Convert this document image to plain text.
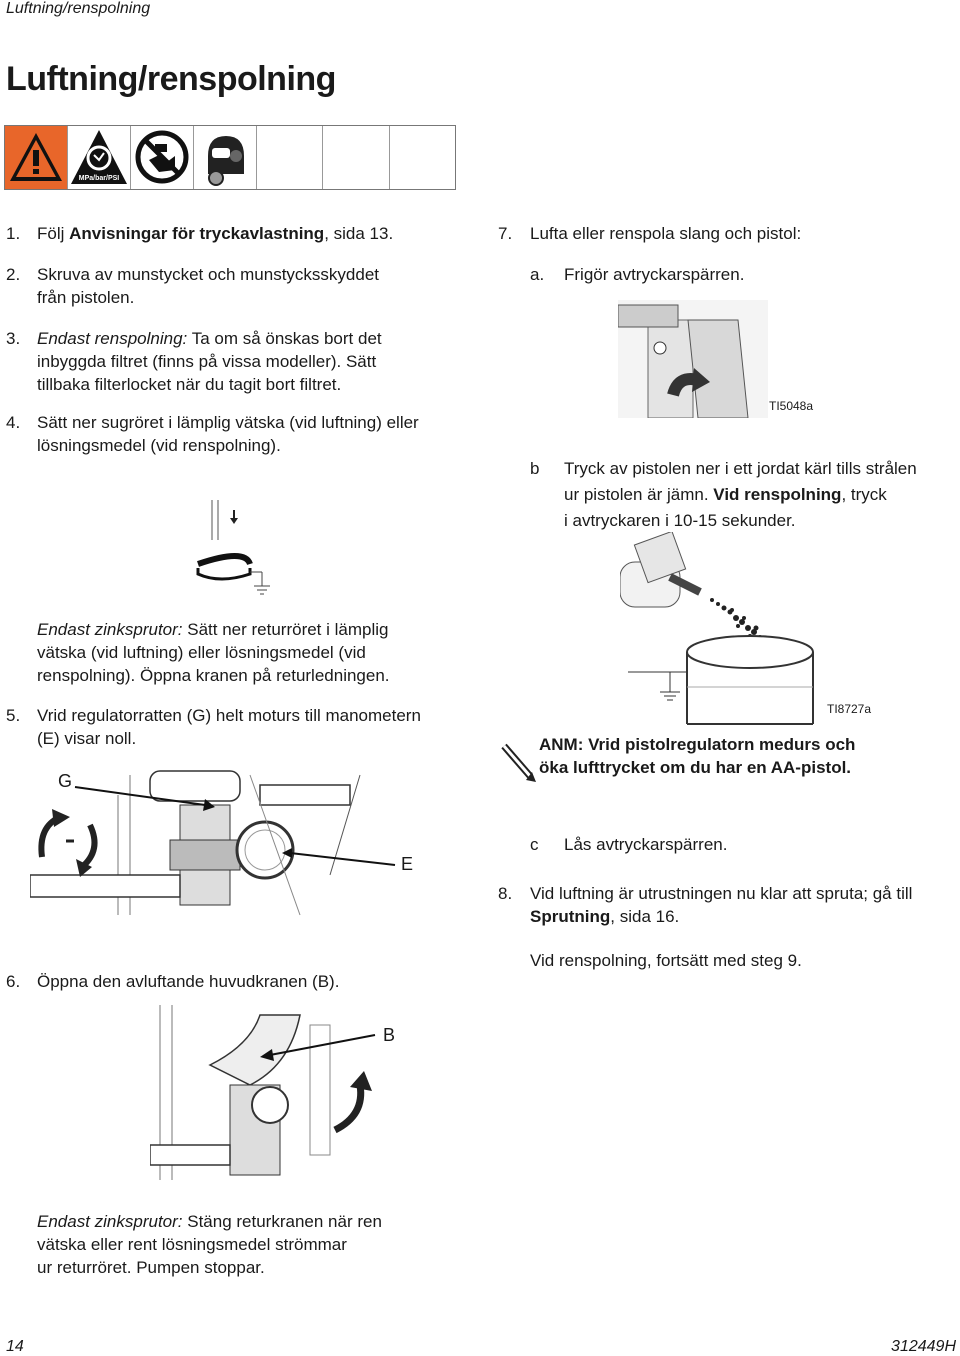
Luftning/renspolning
Luftning/renspolning
MPa/bar/PSI
1. Följ Anvisningar för tryckavlastning, sida 13.
2. Skruva av munstycket och munstycksskyddet
från pistolen.
3. Endast renspolning: Ta om så önskas bort det
inbyggda filtret (finns på vissa modeller). Sätt
tillbaka filterlocket när du tagit bort filtret.
4. Sätt ner sugröret i lämplig vätska (vid luftning) eller
lösningsmedel (vid renspolning).
Endast zinksprutor: Sätt ner returröret i lämplig
vätska (vid luftning) eller lösningsmedel (vid
renspolning). Öppna kranen på returledningen.
5. Vrid regulatorratten (G) helt moturs till manometern
(E) visar noll.
G
E
6. Öppna den avluftande huvudkranen (B).
B
Endast zinksprutor: Stäng returkranen när ren
vätska eller rent lösningsmedel strömmar
ur returröret. Pumpen stoppar.
7. Lufta eller renspola slang och pistol:
a. Frigör avtryckarspärren.
TI5048a
b Tryck av pistolen ner i ett jordat kärl tills strålen
ur pistolen är jämn. Vid renspolning, tryck
i avtryckaren i 10-15 sekunder.
TI8727a
ANM: Vrid pistolregulatorn medurs och
öka lufttrycket om du har en AA-pistol.
c Lås avtryckarspärren.
8. Vid luftning är utrustningen nu klar att spruta; gå till
Sprutning, sida 16.
Vid renspolning, fortsätt med steg 9.
14	312449H
